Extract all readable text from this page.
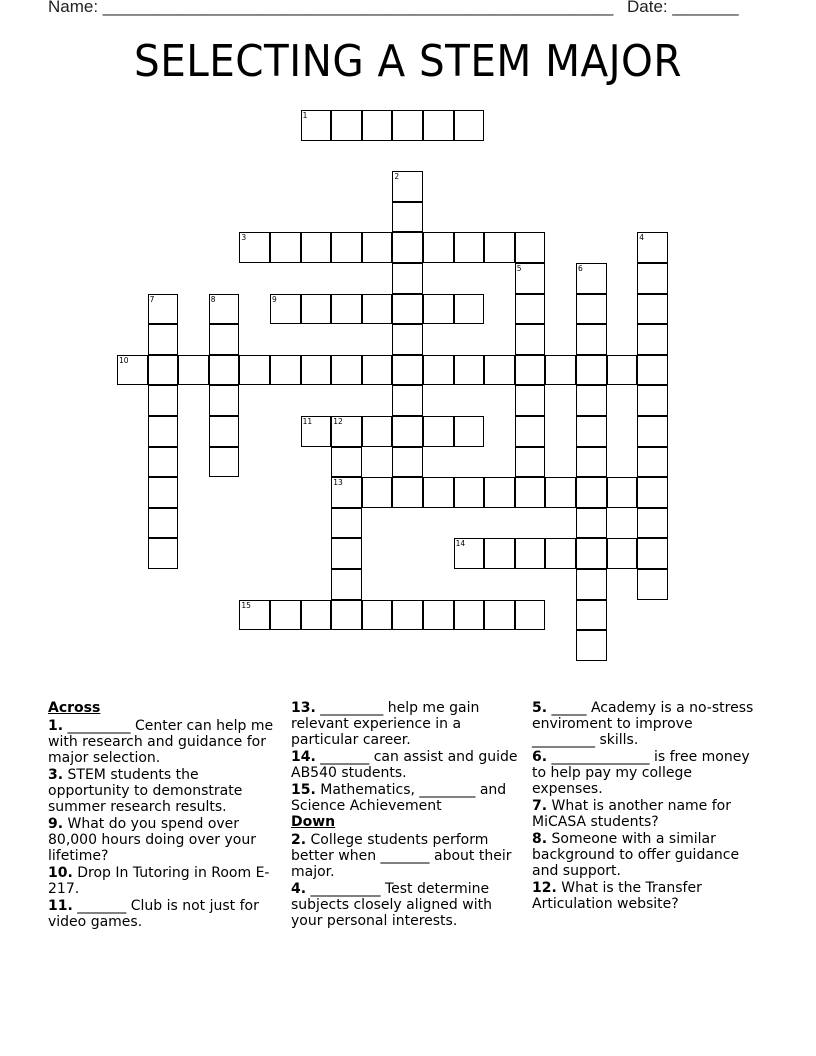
Name: ______________________________________________________ Date: _______
SELECTING A STEM MAJOR
1
2
3	4
5	6
7	8	9
10
11	12
13
14
15
Across
1. _________ Center can help me with research and guidance for major selection.
3. STEM students the opportunity to demonstrate summer research results.
9. What do you spend over 80,000 hours doing over your lifetime?
10. Drop In Tutoring in Room E-217.
11. _______ Club is not just for video games.
13. _________ help me gain relevant experience in a particular career.
14. _______ can assist and guide AB540 students.
15. Mathematics, ________ and Science Achievement
Down
2. College students perform better when _______ about their major.
4. __________ Test determine subjects closely aligned with your personal interests.
5. _____ Academy is a no-stress enviroment to improve _________ skills.
6. ______________ is free money to help pay my college expenses.
7. What is another name for MiCASA students?
8. Someone with a similar background to offer guidance and support.
12. What is the Transfer Articulation website?
